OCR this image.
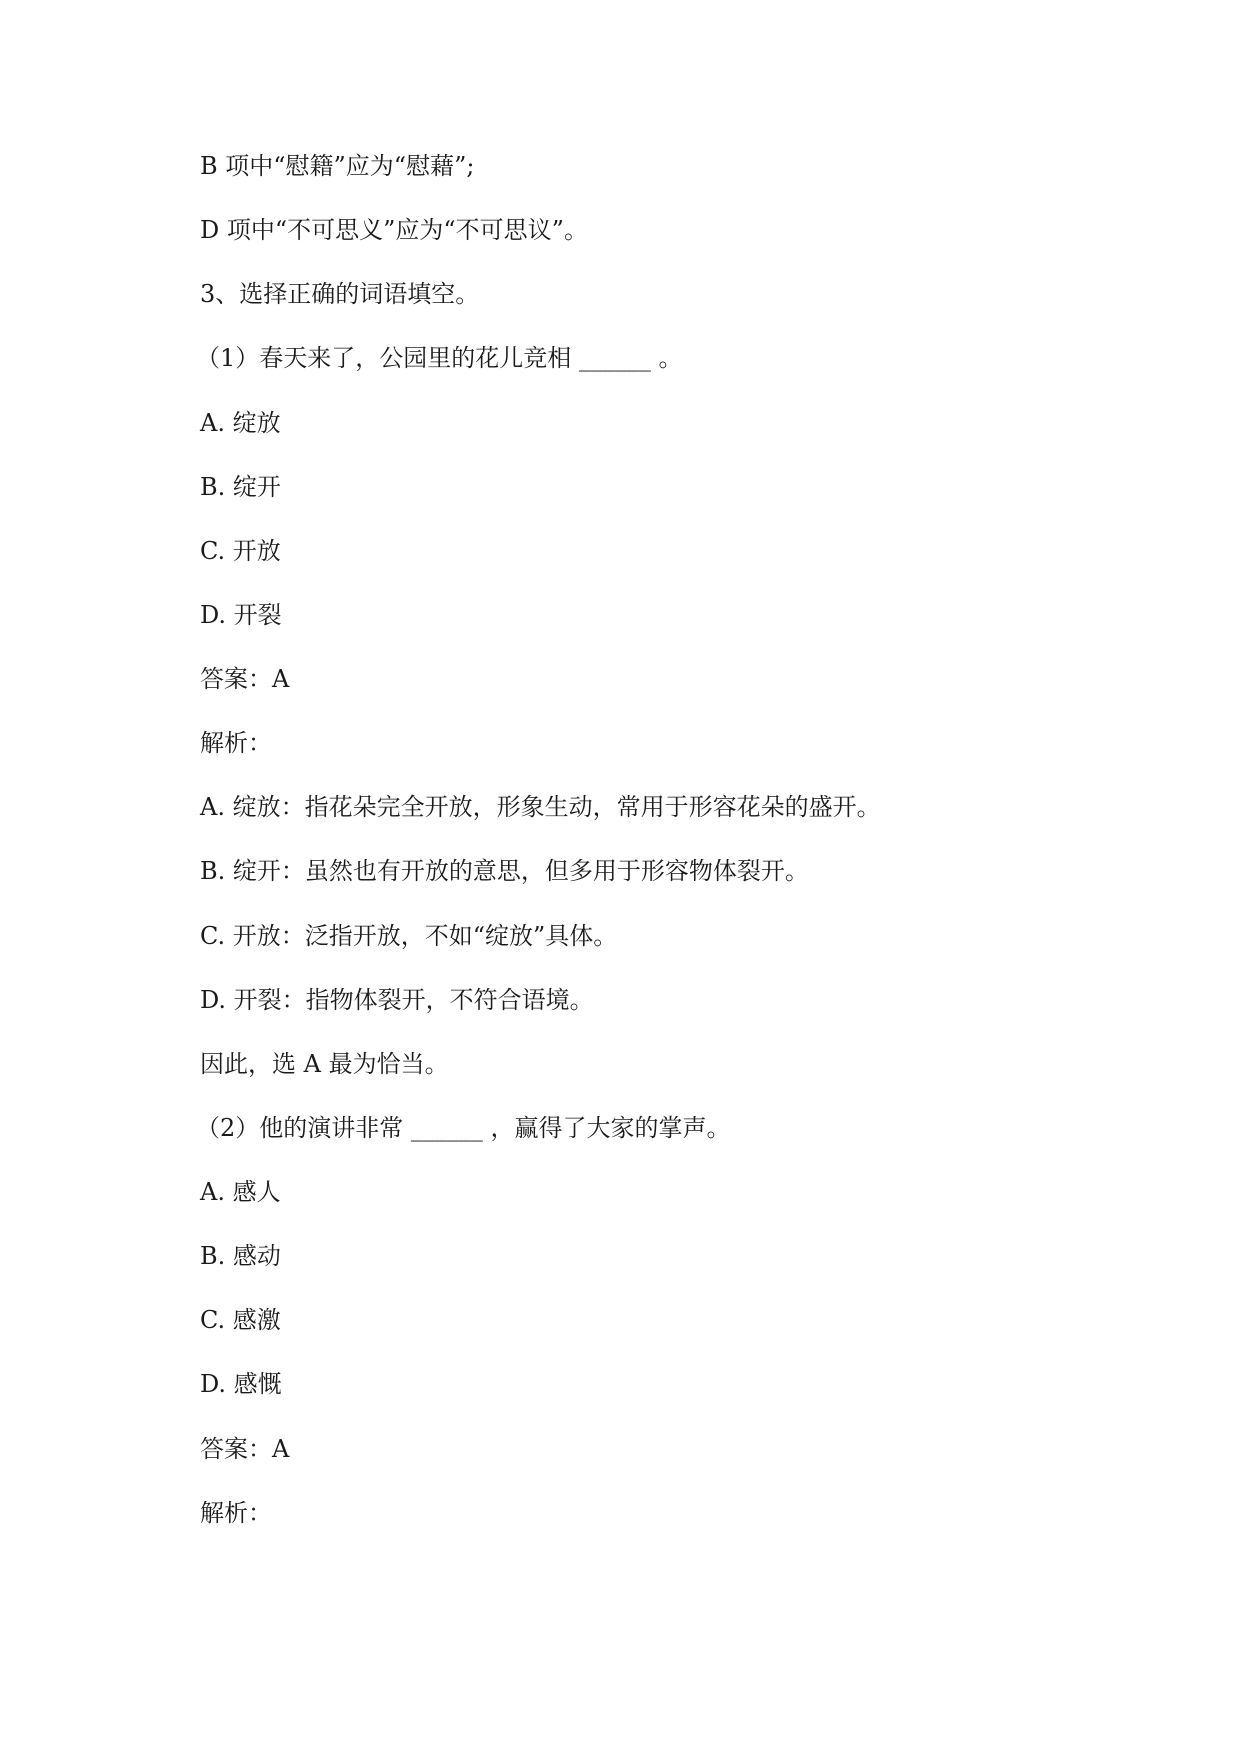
B 项中“慰籍”应为“慰藉”;
D 项中“不可思义”应为“不可思议”。
3、选择正确的词语填空。
（1）春天来了，公园里的花儿竞相 ______ 。
A. 绽放
B. 绽开
C. 开放
D. 开裂
答案：A
解析：
A. 绽放：指花朵完全开放，形象生动，常用于形容花朵的盛开。
B. 绽开：虽然也有开放的意思，但多用于形容物体裂开。
C. 开放：泛指开放，不如“绽放”具体。
D. 开裂：指物体裂开，不符合语境。
因此，选 A 最为恰当。
（2）他的演讲非常 ______ ，赢得了大家的掌声。
A. 感人
B. 感动
C. 感激
D. 感慨
答案：A
解析：
